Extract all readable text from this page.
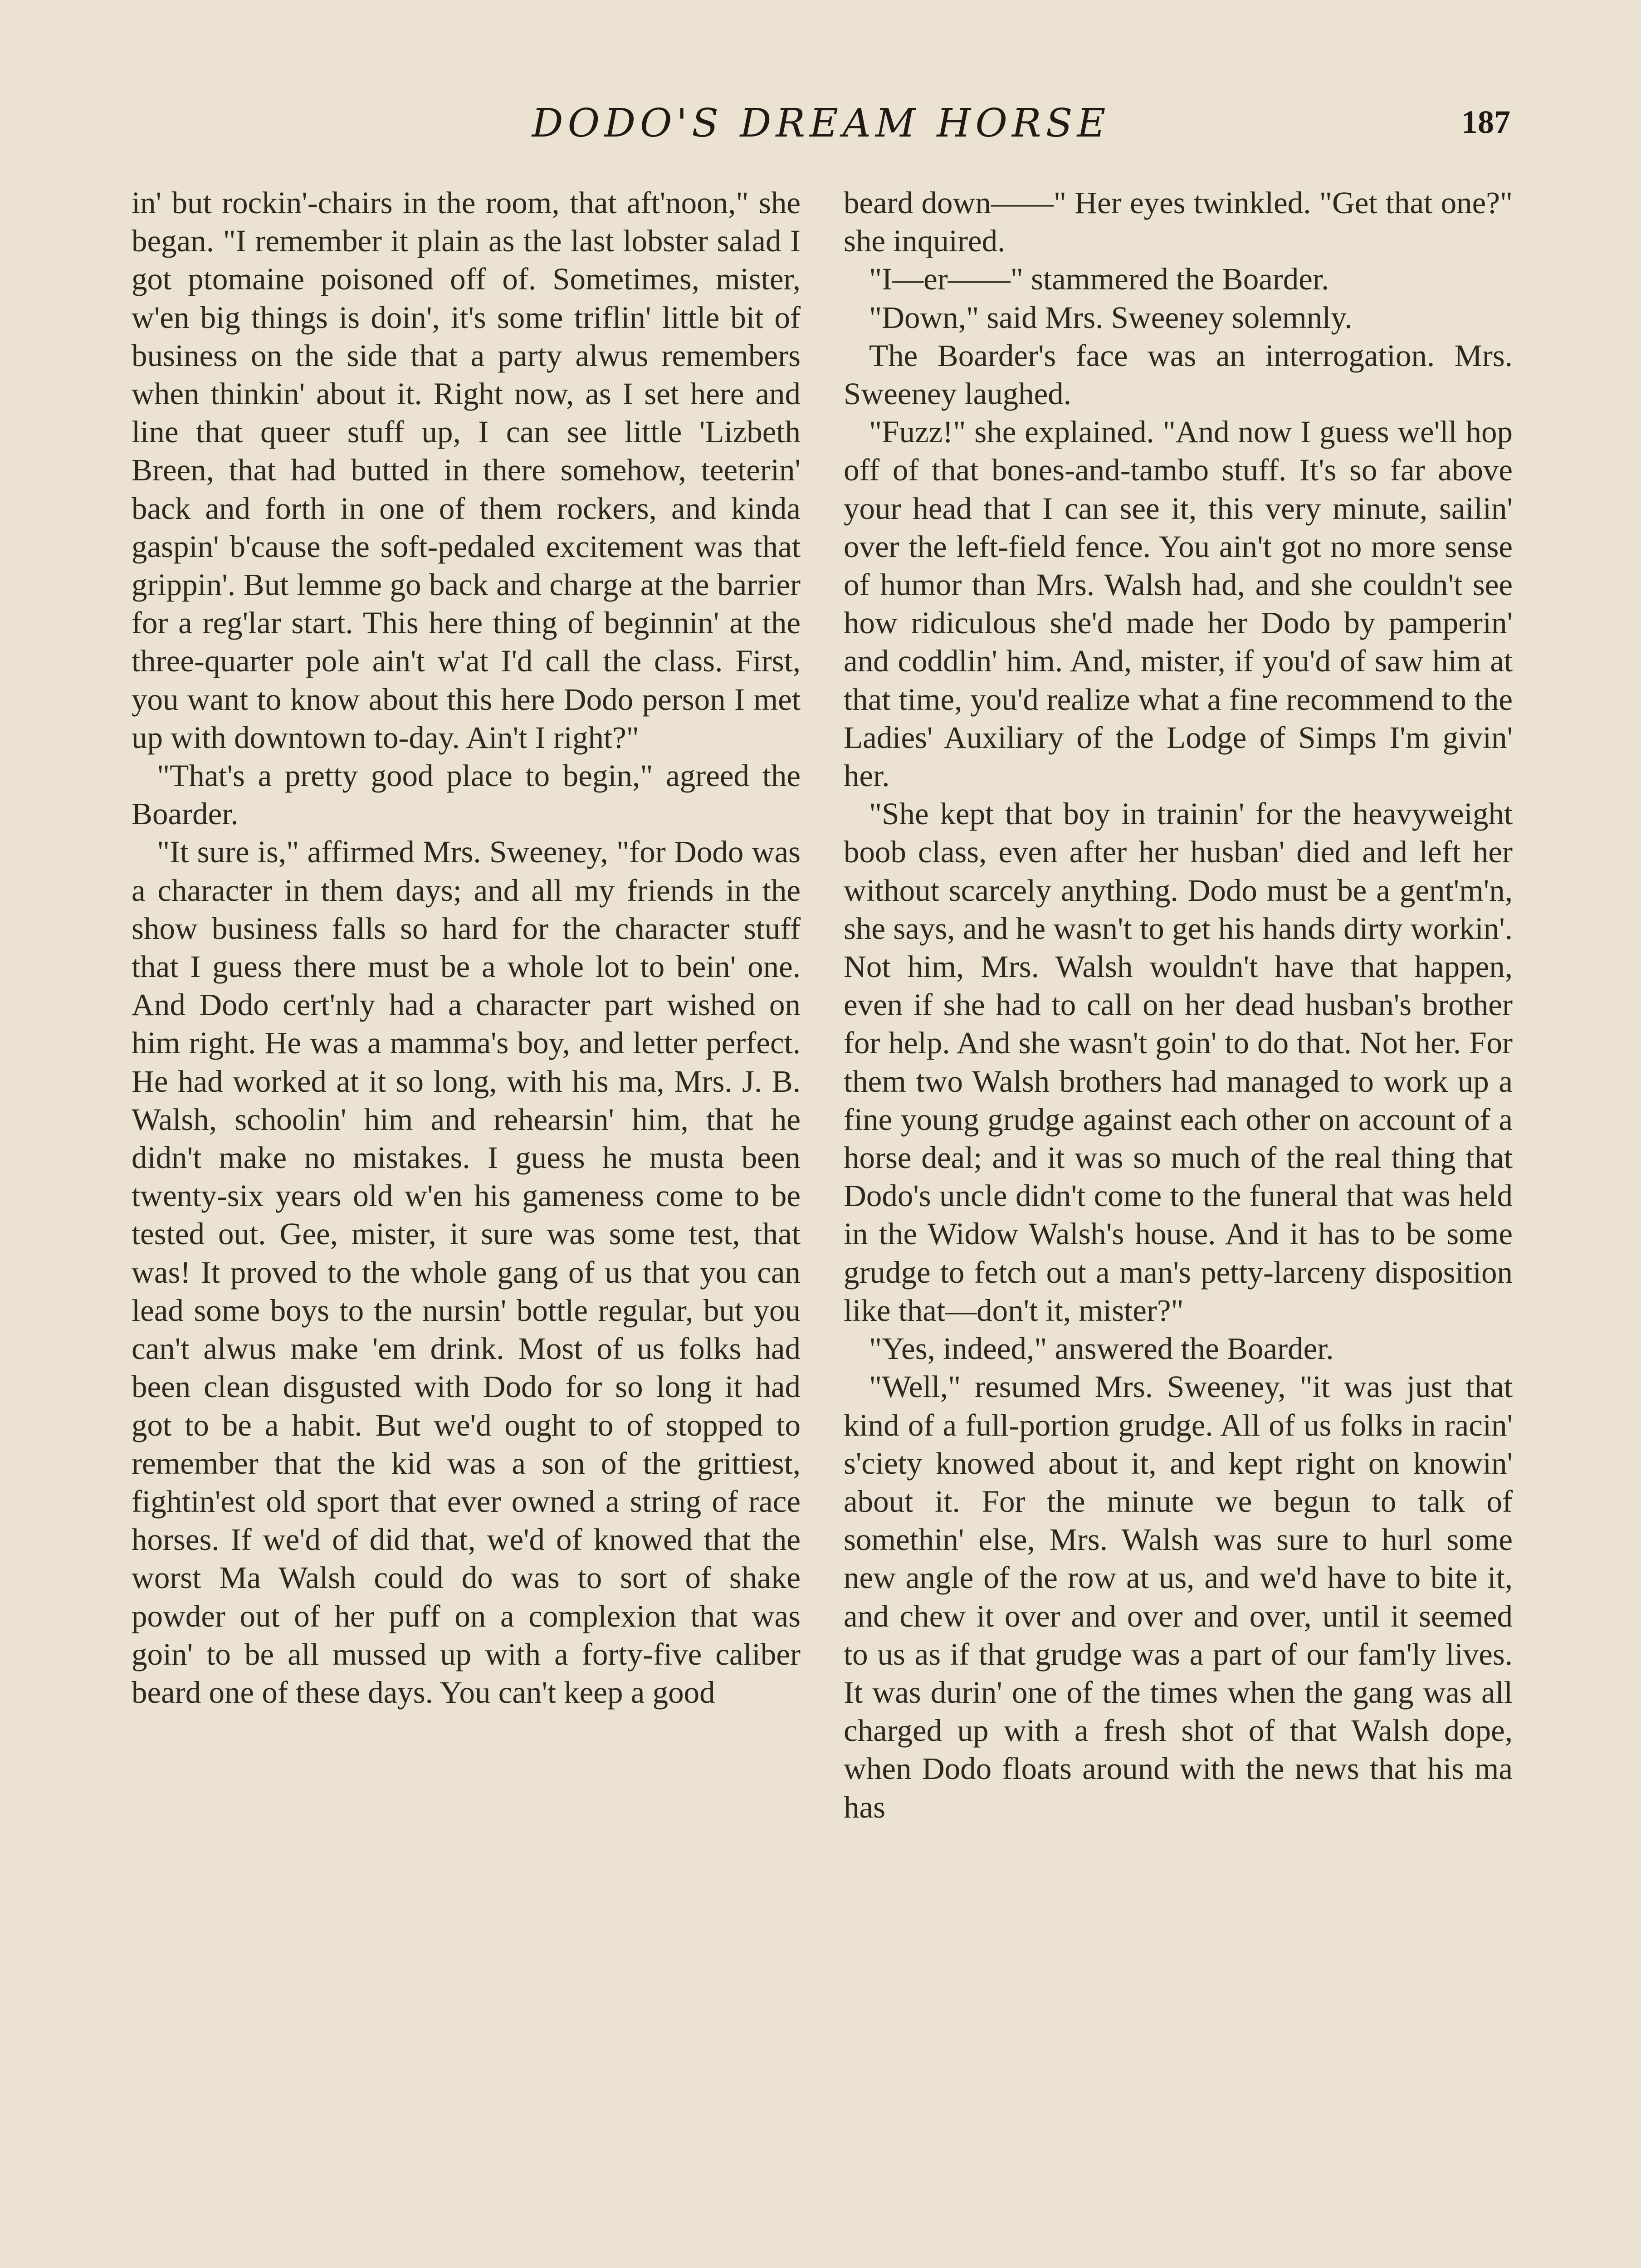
DODO'S DREAM HORSE	187

in' but rockin'-chairs in the room, that aft'noon," she began. "I remember it plain as the last lobster salad I got ptomaine poisoned off of. Sometimes, mister, w'en big things is doin', it's some triflin' little bit of business on the side that a party alwus remembers when thinkin' about it. Right now, as I set here and line that queer stuff up, I can see little 'Lizbeth Breen, that had butted in there somehow, teeterin' back and forth in one of them rockers, and kinda gaspin' b'cause the soft-pedaled excitement was that grippin'. But lemme go back and charge at the barrier for a reg'lar start. This here thing of beginnin' at the three-quarter pole ain't w'at I'd call the class. First, you want to know about this here Dodo person I met up with downtown to-day. Ain't I right?"

"That's a pretty good place to begin," agreed the Boarder.

"It sure is," affirmed Mrs. Sweeney, "for Dodo was a character in them days; and all my friends in the show business falls so hard for the character stuff that I guess there must be a whole lot to bein' one. And Dodo cert'nly had a character part wished on him right. He was a mamma's boy, and letter perfect. He had worked at it so long, with his ma, Mrs. J. B. Walsh, schoolin' him and rehearsin' him, that he didn't make no mistakes. I guess he musta been twenty-six years old w'en his gameness come to be tested out. Gee, mister, it sure was some test, that was! It proved to the whole gang of us that you can lead some boys to the nursin' bottle regular, but you can't alwus make 'em drink. Most of us folks had been clean disgusted with Dodo for so long it had got to be a habit. But we'd ought to of stopped to remember that the kid was a son of the grittiest, fightin'est old sport that ever owned a string of race horses. If we'd of did that, we'd of knowed that the worst Ma Walsh could do was to sort of shake powder out of her puff on a complexion that was goin' to be all mussed up with a forty-five caliber beard one of these days. You can't keep a good

beard down——" Her eyes twinkled. "Get that one?" she inquired.

"I—er——" stammered the Boarder.

"Down," said Mrs. Sweeney solemnly.

The Boarder's face was an interrogation. Mrs. Sweeney laughed.

"Fuzz!" she explained. "And now I guess we'll hop off of that bones-and-tambo stuff. It's so far above your head that I can see it, this very minute, sailin' over the left-field fence. You ain't got no more sense of humor than Mrs. Walsh had, and she couldn't see how ridiculous she'd made her Dodo by pamperin' and coddlin' him. And, mister, if you'd of saw him at that time, you'd realize what a fine recommend to the Ladies' Auxiliary of the Lodge of Simps I'm givin' her.

"She kept that boy in trainin' for the heavyweight boob class, even after her husban' died and left her without scarcely anything. Dodo must be a gent'm'n, she says, and he wasn't to get his hands dirty workin'. Not him, Mrs. Walsh wouldn't have that happen, even if she had to call on her dead husban's brother for help. And she wasn't goin' to do that. Not her. For them two Walsh brothers had managed to work up a fine young grudge against each other on account of a horse deal; and it was so much of the real thing that Dodo's uncle didn't come to the funeral that was held in the Widow Walsh's house. And it has to be some grudge to fetch out a man's petty-larceny disposition like that—don't it, mister?"

"Yes, indeed," answered the Boarder.

"Well," resumed Mrs. Sweeney, "it was just that kind of a full-portion grudge. All of us folks in racin' s'ciety knowed about it, and kept right on knowin' about it. For the minute we begun to talk of somethin' else, Mrs. Walsh was sure to hurl some new angle of the row at us, and we'd have to bite it, and chew it over and over and over, until it seemed to us as if that grudge was a part of our fam'ly lives. It was durin' one of the times when the gang was all charged up with a fresh shot of that Walsh dope, when Dodo floats around with the news that his ma has
